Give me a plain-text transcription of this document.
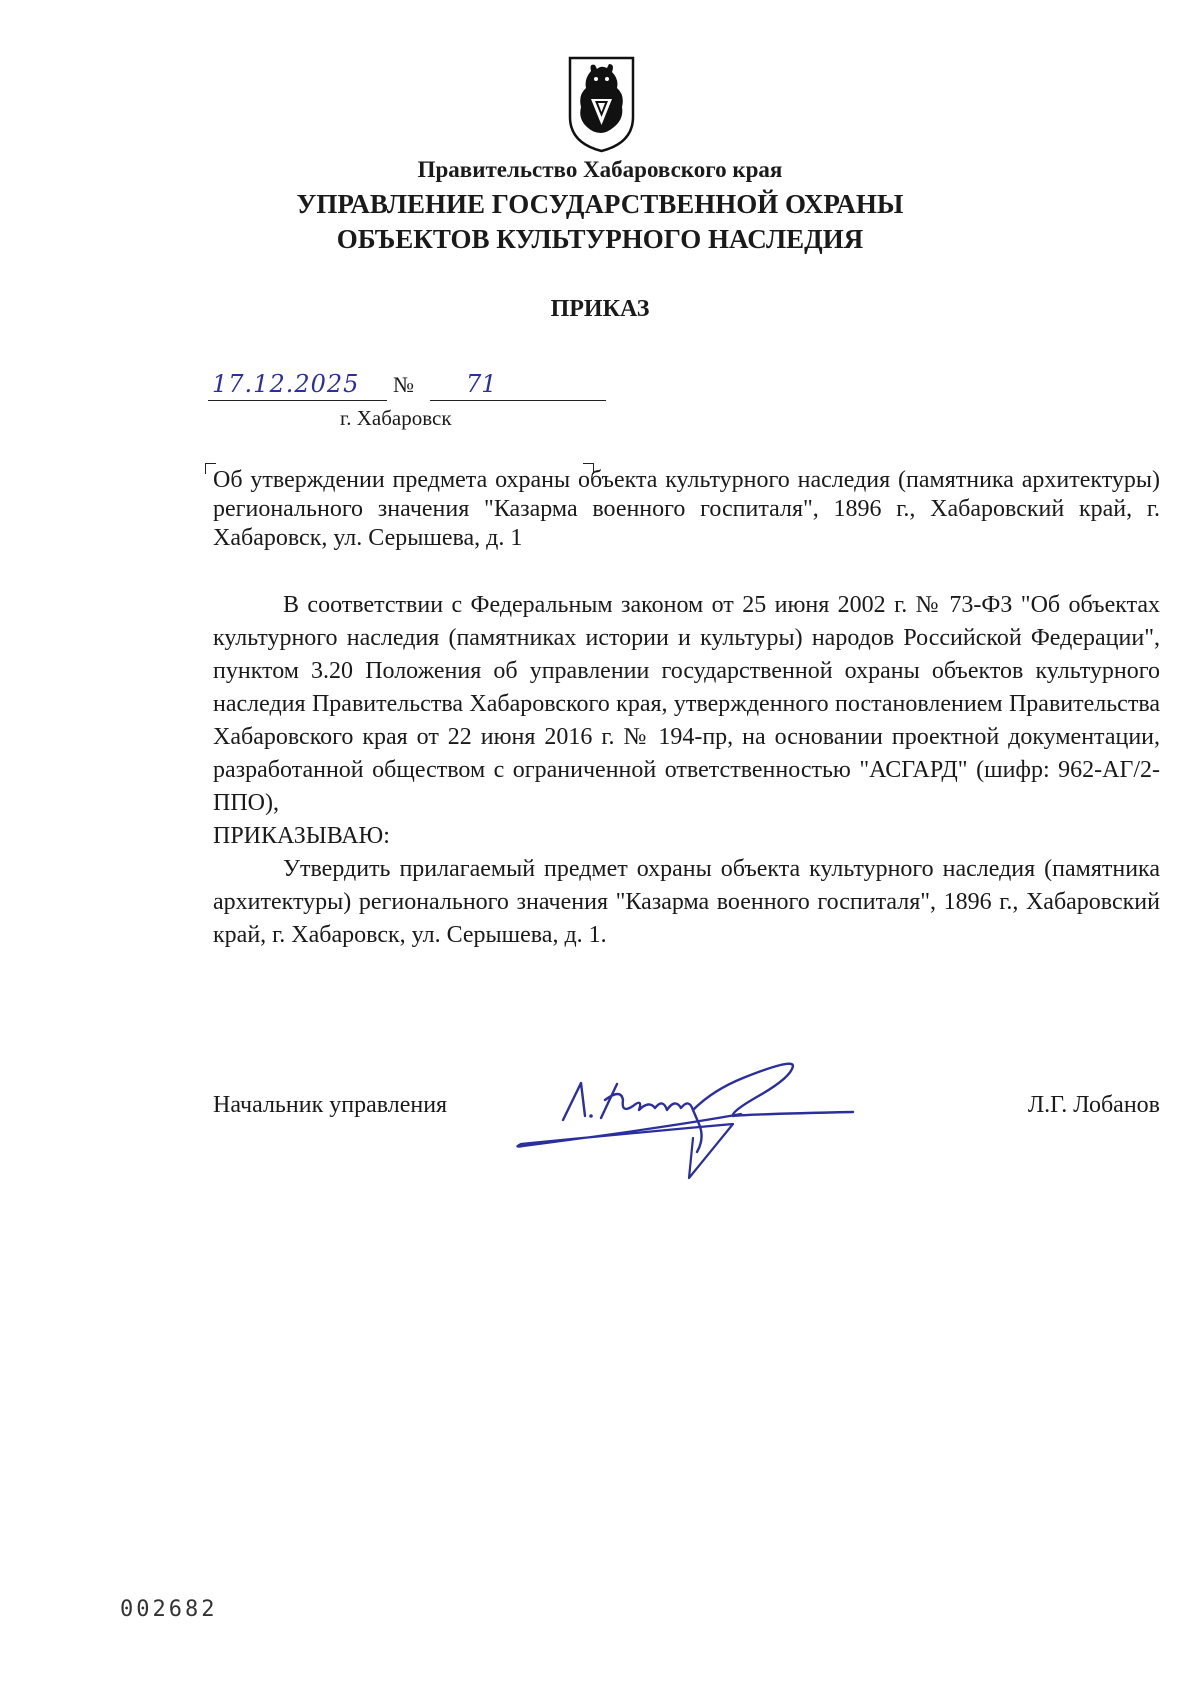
Правительство Хабаровского края
УПРАВЛЕНИЕ ГОСУДАРСТВЕННОЙ ОХРАНЫ
ОБЪЕКТОВ КУЛЬТУРНОГО НАСЛЕДИЯ
ПРИКАЗ
17.12.2025	№	71
г. Хабаровск
Об утверждении предмета охраны объекта культурного наследия (памятника архитектуры) регионального значения "Казарма военного госпиталя", 1896 г., Хабаровский край, г. Хабаровск, ул. Серышева, д. 1

В соответствии с Федеральным законом от 25 июня 2002 г. № 73-ФЗ "Об объектах культурного наследия (памятниках истории и культуры) народов Российской Федерации", пунктом 3.20 Положения об управлении государственной охраны объектов культурного наследия Правительства Хабаровского края, утвержденного постановлением Правительства Хабаровского края от 22 июня 2016 г. № 194-пр, на основании проектной документации, разработанной обществом с ограниченной ответственностью "АСГАРД" (шифр: 962-АГ/2-ППО),

ПРИКАЗЫВАЮ:

Утвердить прилагаемый предмет охраны объекта культурного наследия (памятника архитектуры) регионального значения "Казарма военного госпиталя", 1896 г., Хабаровский край, г. Хабаровск, ул. Серышева, д. 1.

Начальник управления	Л.Г. Лобанов
002682
